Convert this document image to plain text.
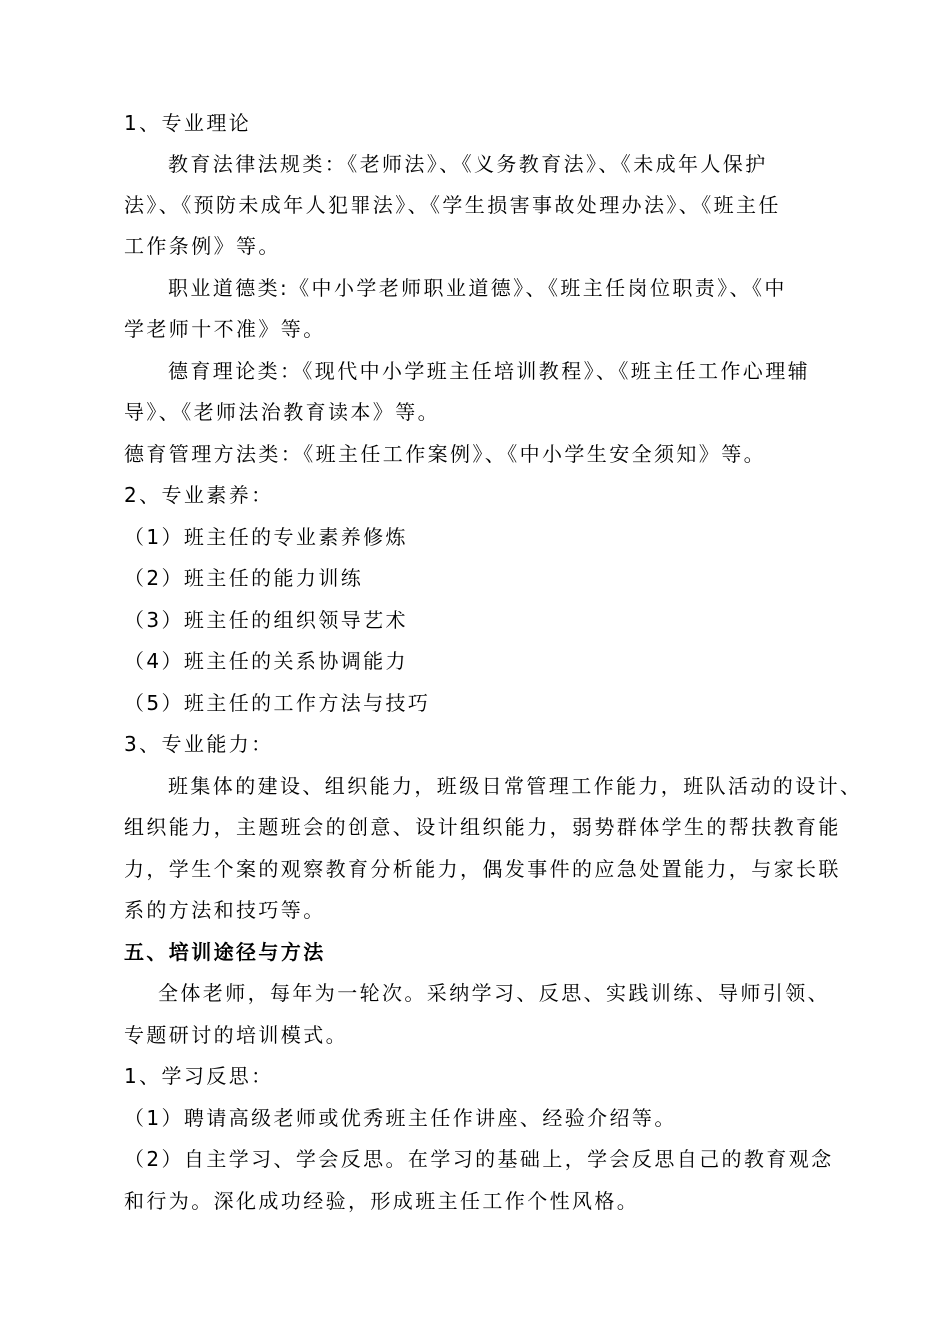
1、专业理论
教育法律法规类：《老师法》、《义务教育法》、《未成年人保护
法》、《预防未成年人犯罪法》、《学生损害事故处理办法》、《班主任
工作条例》等。
职业道德类:《中小学老师职业道德》、《班主任岗位职责》、《中
学老师十不准》等。
德育理论类：《现代中小学班主任培训教程》、《班主任工作心理辅
导》、《老师法治教育读本》等。
德育管理方法类：《班主任工作案例》、《中小学生安全须知》等。
2、专业素养：
（1）班主任的专业素养修炼
（2）班主任的能力训练
（3）班主任的组织领导艺术
（4）班主任的关系协调能力
（5）班主任的工作方法与技巧
3、专业能力：
班集体的建设、组织能力，班级日常管理工作能力，班队活动的设计、
组织能力，主题班会的创意、设计组织能力，弱势群体学生的帮扶教育能
力，学生个案的观察教育分析能力，偶发事件的应急处置能力，与家长联
系的方法和技巧等。
五、培训途径与方法
全体老师，每年为一轮次。采纳学习、反思、实践训练、导师引领、
专题研讨的培训模式。
1、学习反思：
（1）聘请高级老师或优秀班主任作讲座、经验介绍等。
（2）自主学习、学会反思。在学习的基础上，学会反思自己的教育观念
和行为。深化成功经验，形成班主任工作个性风格。
